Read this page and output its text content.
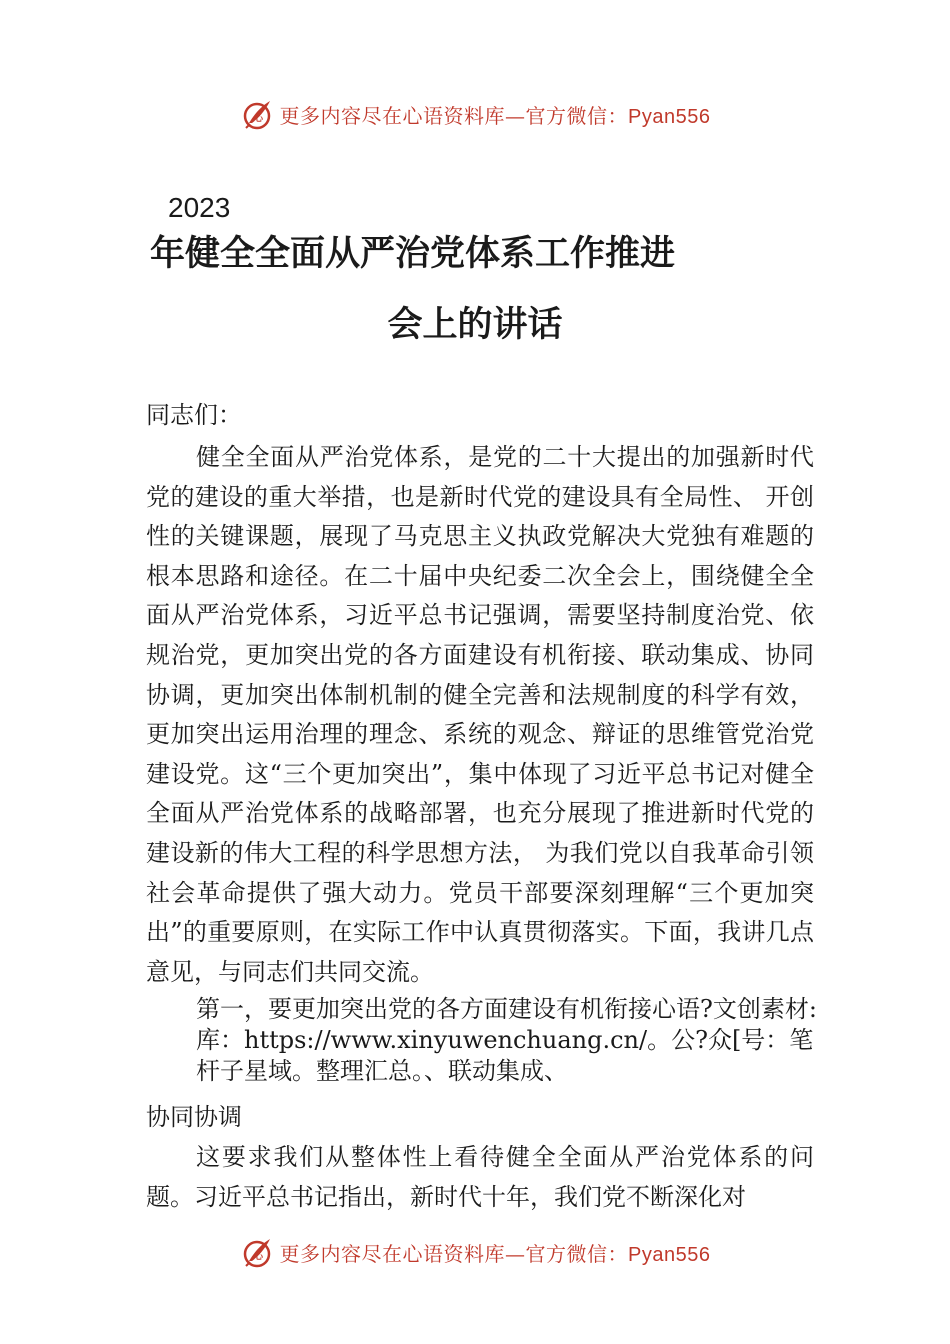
心 更多内容尽在心语资料库—官方微信：Pyan556
2023
年健全全面从严治党体系工作推进
会上的讲话
同志们：
健全全面从严治党体系，是党的二十大提出的加强新时代党的建设的重大举措，也是新时代党的建设具有全局性、 开创性的关键课题，展现了马克思主义执政党解决大党独有难题的根本思路和途径。在二十届中央纪委二次全会上，围绕健全全面从严治党体系，习近平总书记强调，需要坚持制度治党、依规治党，更加突出党的各方面建设有机衔接、联动集成、协同协调，更加突出体制机制的健全完善和法规制度的科学有效，更加突出运用治理的理念、系统的观念、辩证的思维管党治党建设党。这“三个更加突出”，集中体现了习近平总书记对健全全面从严治党体系的战略部署，也充分展现了推进新时代党的建设新的伟大工程的科学思想方法， 为我们党以自我革命引领社会革命提供了强大动力。党员干部要深刻理解“三个更加突出”的重要原则，在实际工作中认真贯彻落实。下面，我讲几点意见，与同志们共同交流。
第一，要更加突出党的各方面建设有机衔接心语?文创素材:库：https://www.xinyuwenchuang.cn/。公?众[号：笔杆子星域。整理汇总。、联动集成、
协同协调
这要求我们从整体性上看待健全全面从严治党体系的问题。习近平总书记指出，新时代十年，我们党不断深化对
心 更多内容尽在心语资料库—官方微信：Pyan556
